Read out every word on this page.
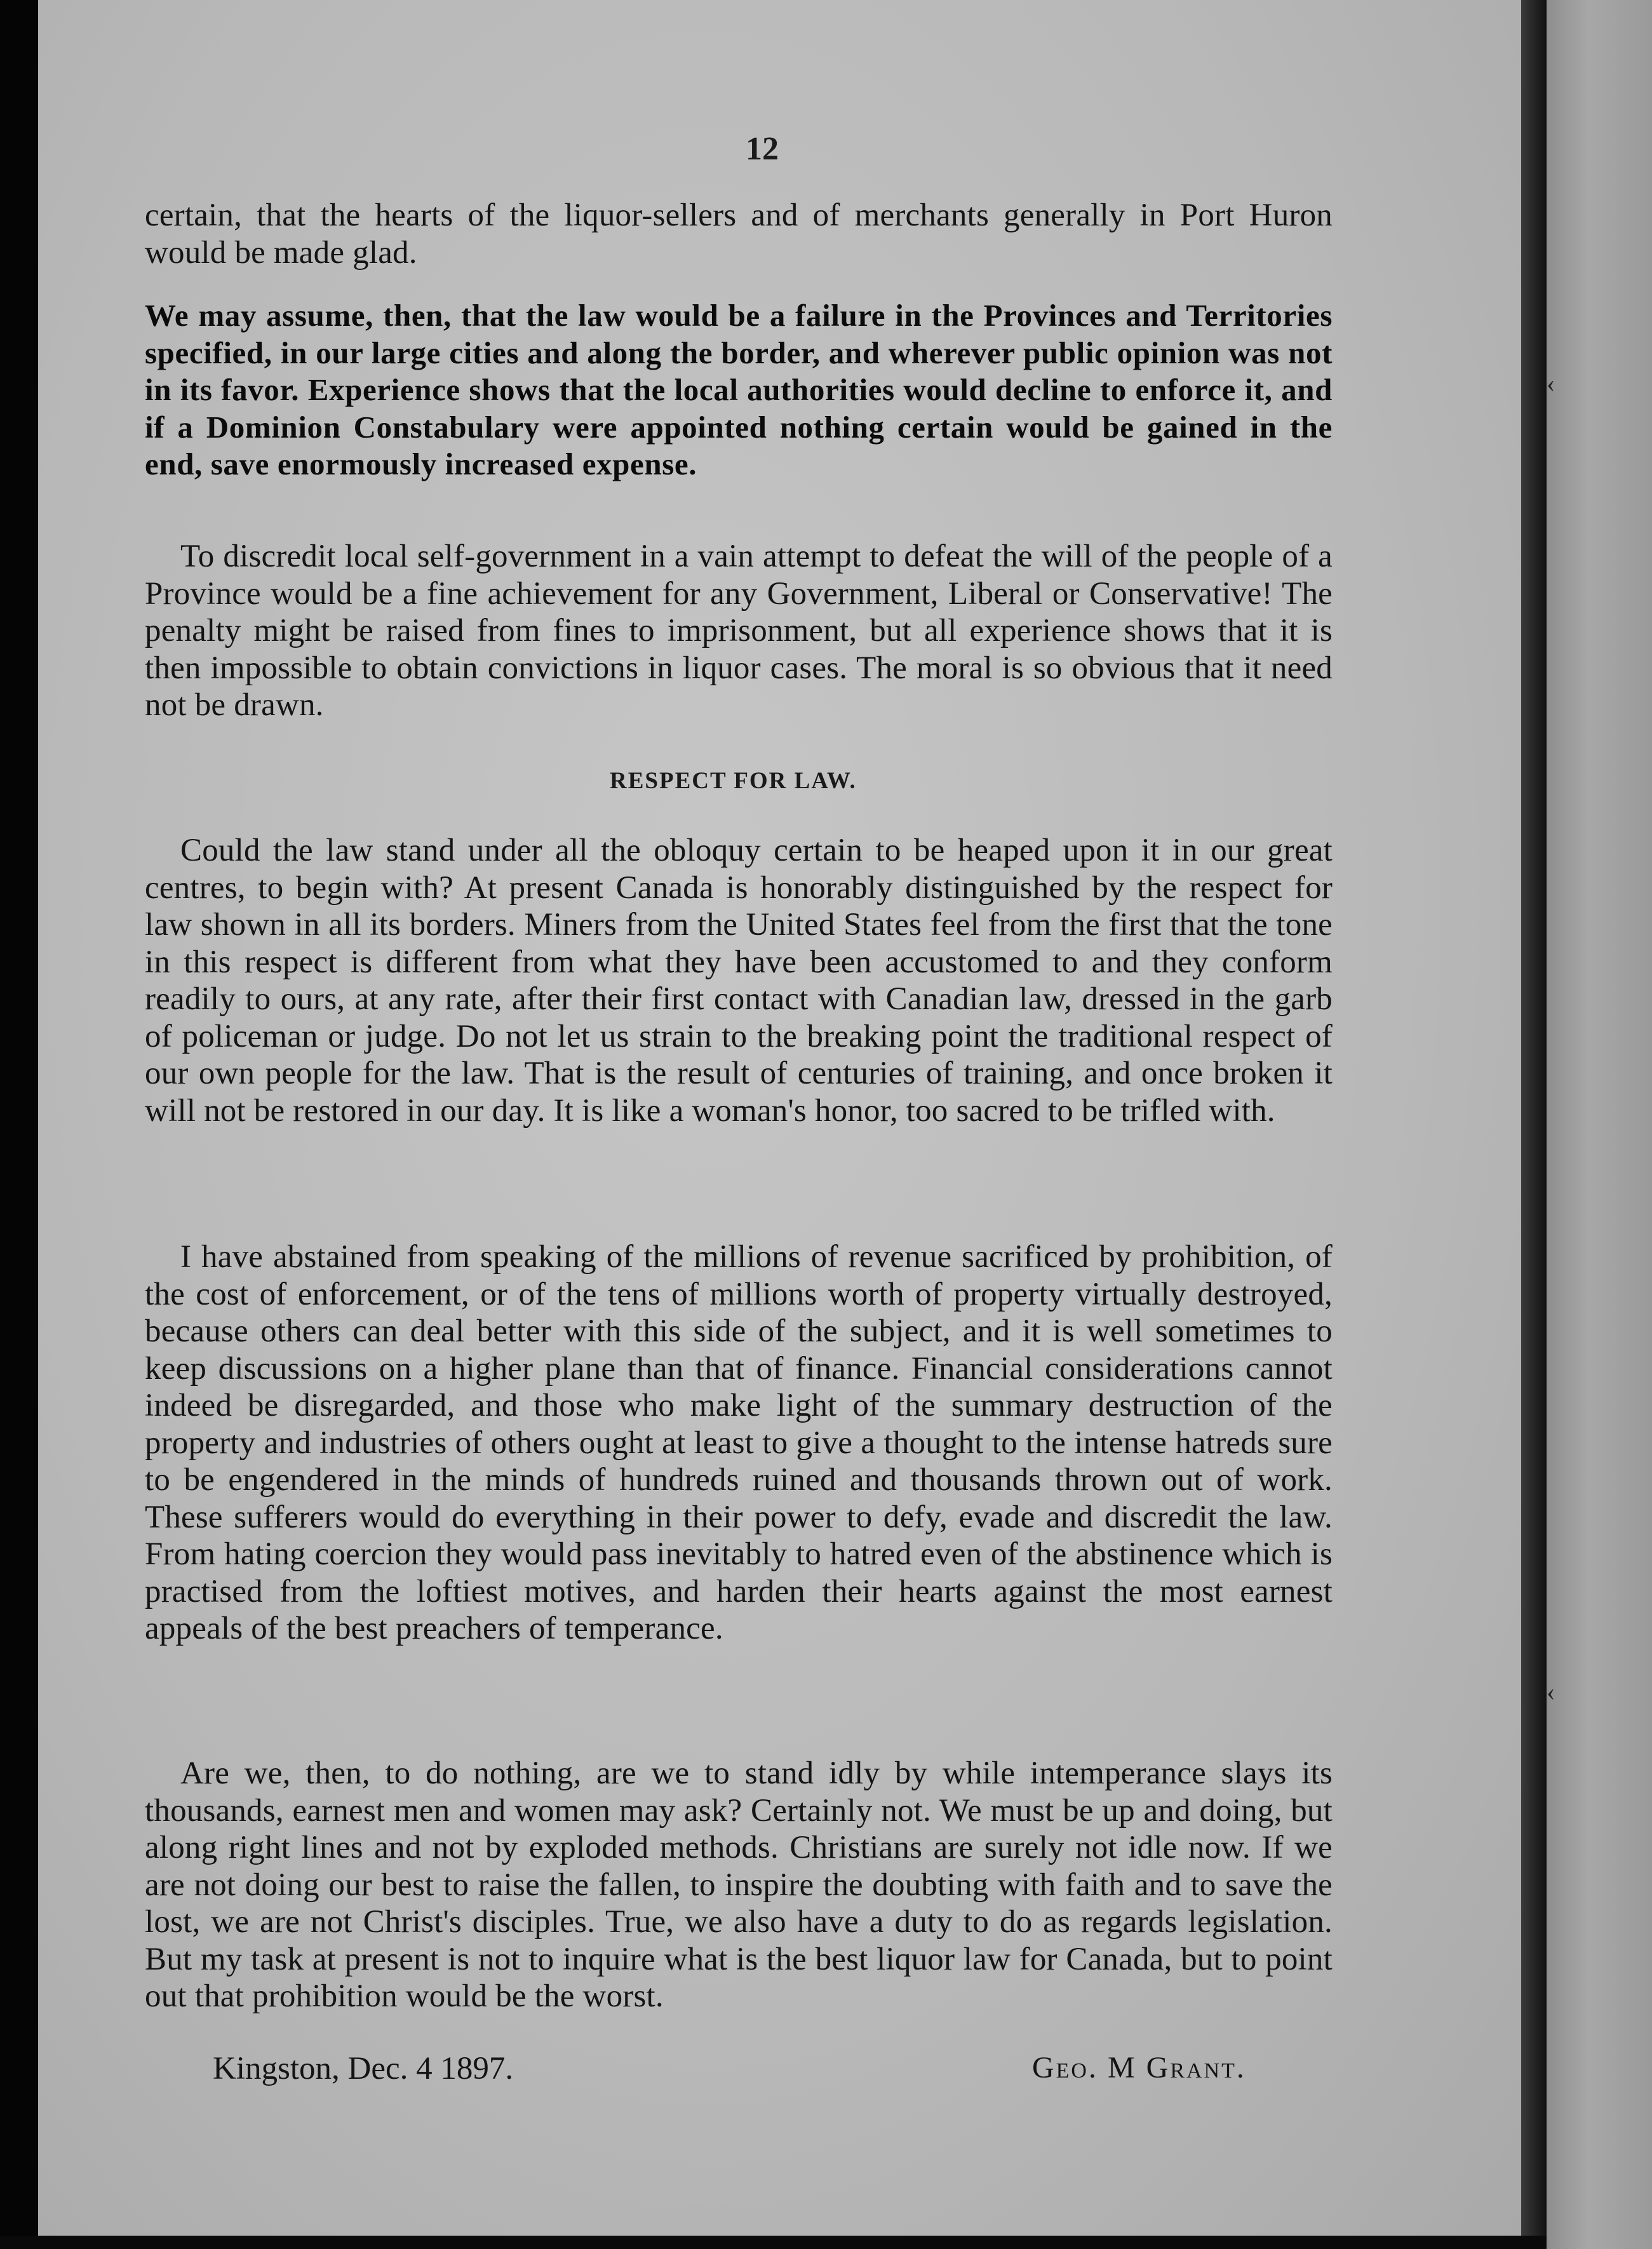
12

certain, that the hearts of the liquor-sellers and of merchants generally in Port Huron would be made glad.

We may assume, then, that the law would be a failure in the Provinces and Territories specified, in our large cities and along the border, and wherever public opinion was not in its favor. Experience shows that the local authorities would decline to enforce it, and if a Dominion Constabulary were appointed nothing certain would be gained in the end, save enormously increased expense.

To discredit local self-government in a vain attempt to defeat the will of the people of a Province would be a fine achievement for any Government, Liberal or Conservative! The penalty might be raised from fines to imprisonment, but all experience shows that it is then impossible to obtain convictions in liquor cases. The moral is so obvious that it need not be drawn.

RESPECT FOR LAW.

Could the law stand under all the obloquy certain to be heaped upon it in our great centres, to begin with? At present Canada is honorably distinguished by the respect for law shown in all its borders. Miners from the United States feel from the first that the tone in this respect is different from what they have been accustomed to and they conform readily to ours, at any rate, after their first contact with Canadian law, dressed in the garb of policeman or judge. Do not let us strain to the breaking point the traditional respect of our own people for the law. That is the result of centuries of training, and once broken it will not be restored in our day. It is like a woman's honor, too sacred to be trifled with.

I have abstained from speaking of the millions of revenue sacrificed by prohibition, of the cost of enforcement, or of the tens of millions worth of property virtually destroyed, because others can deal better with this side of the subject, and it is well sometimes to keep discussions on a higher plane than that of finance. Financial considerations cannot indeed be disregarded, and those who make light of the summary destruction of the property and industries of others ought at least to give a thought to the intense hatreds sure to be engendered in the minds of hundreds ruined and thousands thrown out of work. These sufferers would do everything in their power to defy, evade and discredit the law. From hating coercion they would pass inevitably to hatred even of the abstinence which is practised from the loftiest motives, and harden their hearts against the most earnest appeals of the best preachers of temperance.

Are we, then, to do nothing, are we to stand idly by while intemperance slays its thousands, earnest men and women may ask? Certainly not. We must be up and doing, but along right lines and not by exploded methods. Christians are surely not idle now. If we are not doing our best to raise the fallen, to inspire the doubting with faith and to save the lost, we are not Christ's disciples. True, we also have a duty to do as regards legislation. But my task at present is not to inquire what is the best liquor law for Canada, but to point out that prohibition would be the worst.

Kingston, Dec. 4 1897.	Geo. M Grant.
‹
‹
